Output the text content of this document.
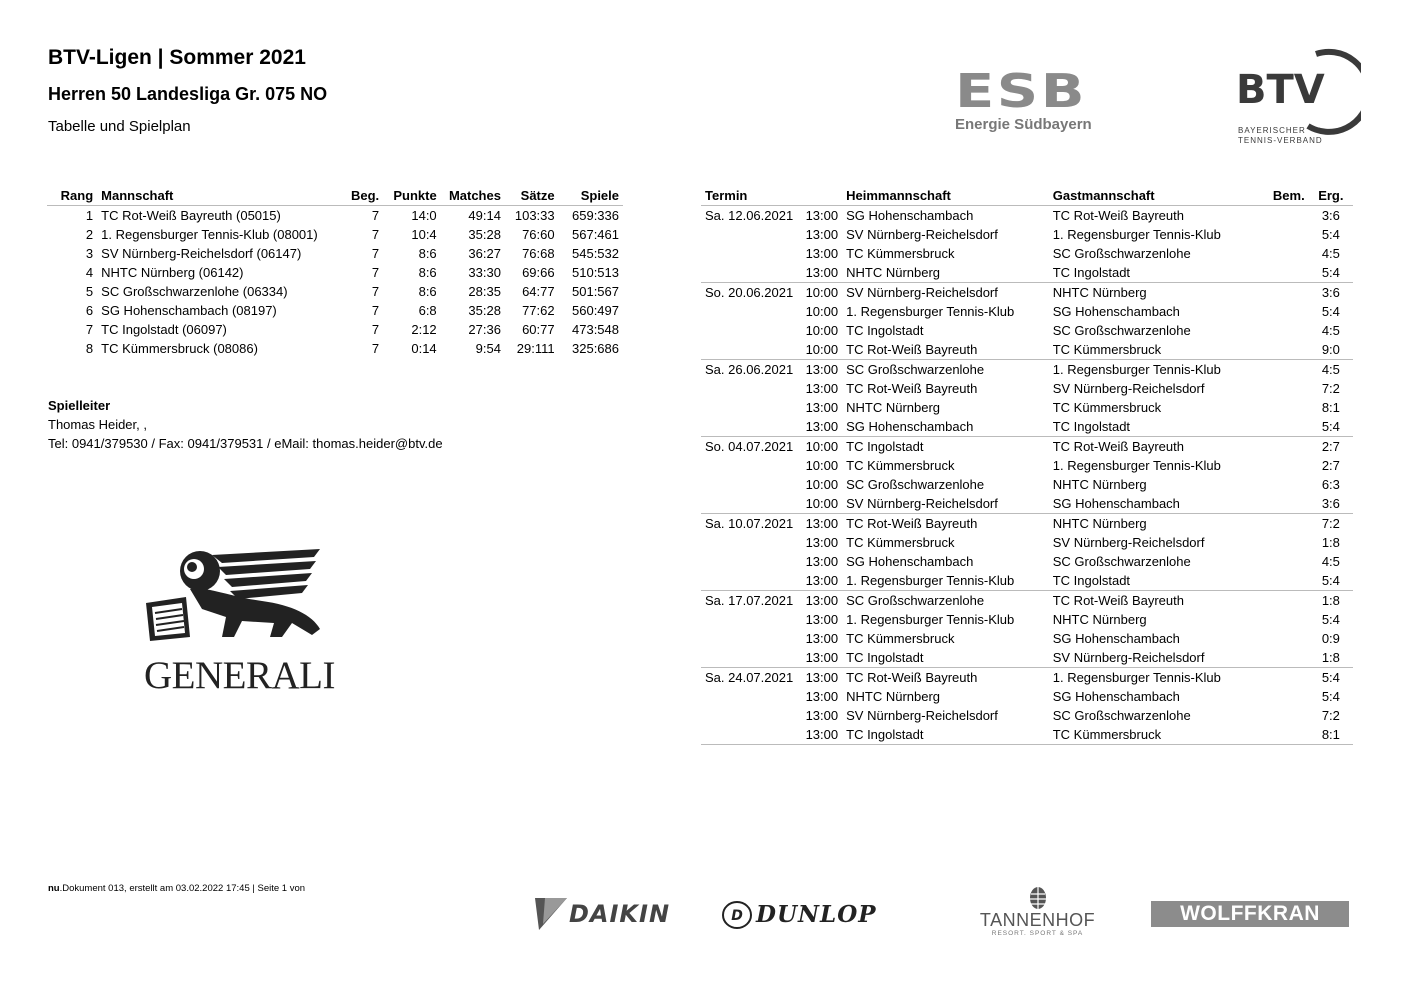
BTV-Ligen | Sommer 2021
Herren 50 Landesliga Gr. 075 NO
Tabelle und Spielplan
ESB
Energie Südbayern
BTV
BAYERISCHER
TENNIS-VERBAND
Rang	Mannschaft	Beg.	Punkte	Matches	Sätze	Spiele
1	TC Rot-Weiß Bayreuth (05015)	7	14:0	49:14	103:33	659:336
2	1. Regensburger Tennis-Klub (08001)	7	10:4	35:28	76:60	567:461
3	SV Nürnberg-Reichelsdorf (06147)	7	8:6	36:27	76:68	545:532
4	NHTC Nürnberg (06142)	7	8:6	33:30	69:66	510:513
5	SC Großschwarzenlohe (06334)	7	8:6	28:35	64:77	501:567
6	SG Hohenschambach (08197)	7	6:8	35:28	77:62	560:497
7	TC Ingolstadt (06097)	7	2:12	27:36	60:77	473:548
8	TC Kümmersbruck (08086)	7	0:14	9:54	29:111	325:686
Spielleiter
Thomas Heider, ,
Tel: 0941/379530 / Fax: 0941/379531 / eMail: thomas.heider@btv.de
GENERALI
Termin		Heimmannschaft	Gastmannschaft	Bem.	Erg.
Sa. 12.06.2021	13:00	SG Hohenschambach	TC Rot-Weiß Bayreuth		3:6
	13:00	SV Nürnberg-Reichelsdorf	1. Regensburger Tennis-Klub		5:4
	13:00	TC Kümmersbruck	SC Großschwarzenlohe		4:5
	13:00	NHTC Nürnberg	TC Ingolstadt		5:4
So. 20.06.2021	10:00	SV Nürnberg-Reichelsdorf	NHTC Nürnberg		3:6
	10:00	1. Regensburger Tennis-Klub	SG Hohenschambach		5:4
	10:00	TC Ingolstadt	SC Großschwarzenlohe		4:5
	10:00	TC Rot-Weiß Bayreuth	TC Kümmersbruck		9:0
Sa. 26.06.2021	13:00	SC Großschwarzenlohe	1. Regensburger Tennis-Klub		4:5
	13:00	TC Rot-Weiß Bayreuth	SV Nürnberg-Reichelsdorf		7:2
	13:00	NHTC Nürnberg	TC Kümmersbruck		8:1
	13:00	SG Hohenschambach	TC Ingolstadt		5:4
So. 04.07.2021	10:00	TC Ingolstadt	TC Rot-Weiß Bayreuth		2:7
	10:00	TC Kümmersbruck	1. Regensburger Tennis-Klub		2:7
	10:00	SC Großschwarzenlohe	NHTC Nürnberg		6:3
	10:00	SV Nürnberg-Reichelsdorf	SG Hohenschambach		3:6
Sa. 10.07.2021	13:00	TC Rot-Weiß Bayreuth	NHTC Nürnberg		7:2
	13:00	TC Kümmersbruck	SV Nürnberg-Reichelsdorf		1:8
	13:00	SG Hohenschambach	SC Großschwarzenlohe		4:5
	13:00	1. Regensburger Tennis-Klub	TC Ingolstadt		5:4
Sa. 17.07.2021	13:00	SC Großschwarzenlohe	TC Rot-Weiß Bayreuth		1:8
	13:00	1. Regensburger Tennis-Klub	NHTC Nürnberg		5:4
	13:00	TC Kümmersbruck	SG Hohenschambach		0:9
	13:00	TC Ingolstadt	SV Nürnberg-Reichelsdorf		1:8
Sa. 24.07.2021	13:00	TC Rot-Weiß Bayreuth	1. Regensburger Tennis-Klub		5:4
	13:00	NHTC Nürnberg	SG Hohenschambach		5:4
	13:00	SV Nürnberg-Reichelsdorf	SC Großschwarzenlohe		7:2
	13:00	TC Ingolstadt	TC Kümmersbruck		8:1
nu.Dokument 013, erstellt am 03.02.2022 17:45 | Seite 1 von
DAIKIN	D DUNLOP	TANNENHOF
RESORT. SPORT & SPA
WOLFFKRAN
